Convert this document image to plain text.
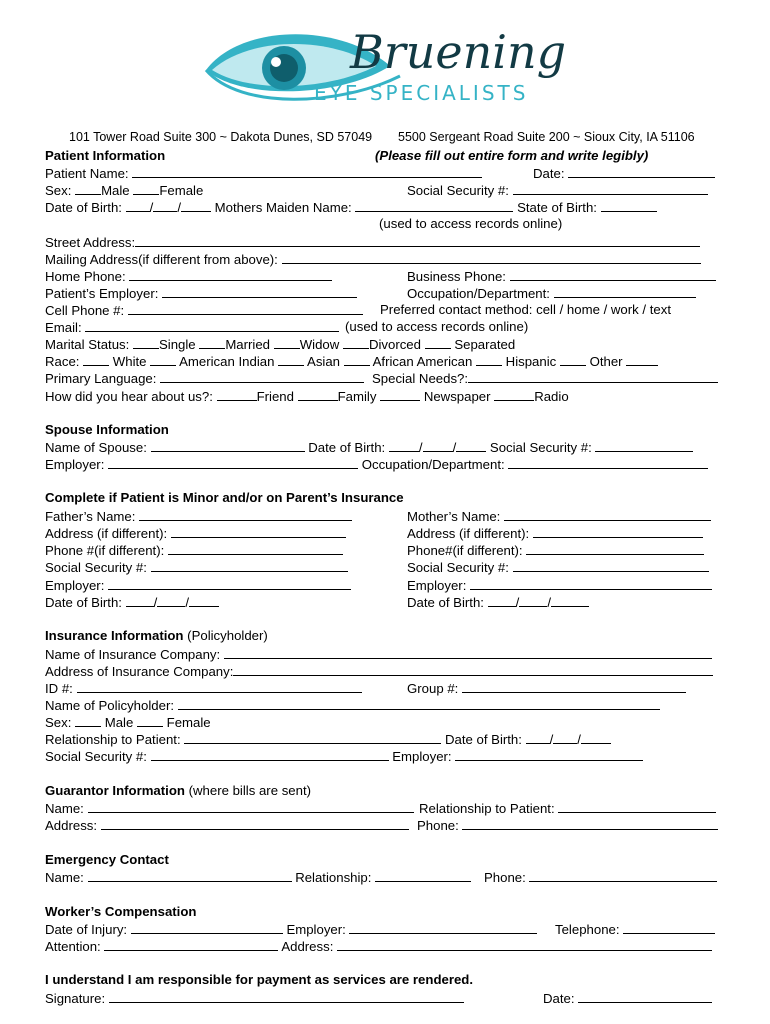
Bruening
EYE SPECIALISTS
101 Tower Road Suite 300 ~ Dakota Dunes, SD 57049 5500 Sergeant Road Suite 200 ~ Sioux City, IA 51106
Patient Information	(Please fill out entire form and write legibly)
Patient Name:	Date:
Sex: Male Female	Social Security #:
Date of Birth: / /	Mothers Maiden Name:	State of Birth:
(used to access records online)
Street Address:
Mailing Address(if different from above):
Home Phone:	Business Phone:
Patient’s Employer:	Occupation/Department:
Cell Phone #:	Preferred contact method: cell / home / work / text
Email:	(used to access records online)
Marital Status: Single Married Widow Divorced	Separated
Race:	White American Indian Asian African American	Hispanic	Other
Primary Language:	Special Needs?:
How did you hear about us?:	Friend	Family	Newspaper	Radio
Spouse Information
Name of Spouse:	Date of Birth:	/ /	Social Security #:
Employer:	Occupation/Department:
Complete if Patient is Minor and/or on Parent’s Insurance
Father’s Name:	Mother’s Name:
Address (if different):	Address (if different):
Phone #(if different):	Phone#(if different):
Social Security #:	Social Security #:
Employer:	Employer:
Date of Birth: / /	Date of Birth: / /
Insurance Information (Policyholder)
Name of Insurance Company:
Address of Insurance Company:
ID #:	Group #:
Name of Policyholder:
Sex:	Male	Female
Relationship to Patient:	Date of Birth: / /
Social Security #:	Employer:
Guarantor Information (where bills are sent)
Name:	Relationship to Patient:
Address:	Phone:
Emergency Contact
Name:	Relationship:	Phone:
Worker’s Compensation
Date of Injury:	Employer:	Telephone:
Attention:	Address:
I understand I am responsible for payment as services are rendered.
Signature:	Date:
